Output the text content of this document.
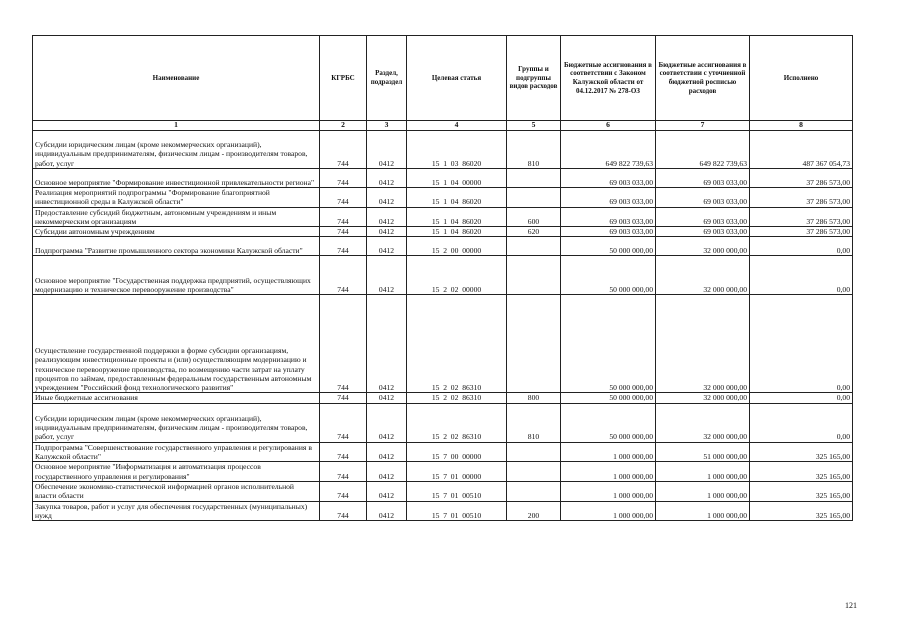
Наименование	КГРБС	Раздел, подраздел	Целевая статья	Группы и подгруппы видов расходов	Бюджетные ассигнования в соответствии с Законом Калужской области от 04.12.2017 № 278-ОЗ	Бюджетные ассигнования в соответствии с уточненной бюджетной росписью расходов	Исполнено
1	2	3	4	5	6	7	8
Субсидии юридическим лицам (кроме некоммерческих организаций), индивидуальным предпринимателям, физическим лицам - производителям товаров, работ, услуг	744	0412	15  1  03  86020	810	649 822 739,63	649 822 739,63	487 367 054,73
Основное мероприятие "Формирование инвестиционной привлекательности региона"	744	0412	15  1  04  00000		69 003 033,00	69 003 033,00	37 286 573,00
Реализация мероприятий подпрограммы "Формирование благоприятной инвестиционной среды в Калужской области"	744	0412	15  1  04  86020		69 003 033,00	69 003 033,00	37 286 573,00
Предоставление субсидий бюджетным, автономным учреждениям и иным некоммерческим организациям	744	0412	15  1  04  86020	600	69 003 033,00	69 003 033,00	37 286 573,00
Субсидии автономным учреждениям	744	0412	15  1  04  86020	620	69 003 033,00	69 003 033,00	37 286 573,00
Подпрограмма "Развитие промышленного сектора экономики Калужской области"	744	0412	15  2  00  00000		50 000 000,00	32 000 000,00	0,00
Основное мероприятие "Государственная поддержка предприятий, осуществляющих модернизацию и техническое перевооружение производства"	744	0412	15  2  02  00000		50 000 000,00	32 000 000,00	0,00
Осуществление государственной поддержки в форме субсидии организациям, реализующим инвестиционные проекты и (или) осуществляющим модернизацию и техническое перевооружение производства, по возмещению части затрат на уплату процентов по займам, предоставленным федеральным государственным автономным учреждением "Российский фонд технологического развития"	744	0412	15  2  02  86310		50 000 000,00	32 000 000,00	0,00
Иные бюджетные ассигнования	744	0412	15  2  02  86310	800	50 000 000,00	32 000 000,00	0,00
Субсидии юридическим лицам (кроме некоммерческих организаций), индивидуальным предпринимателям, физическим лицам - производителям товаров, работ, услуг	744	0412	15  2  02  86310	810	50 000 000,00	32 000 000,00	0,00
Подпрограмма "Совершенствование государственного управления и регулирования в Калужской области"	744	0412	15  7  00  00000		1 000 000,00	51 000 000,00	325 165,00
Основное мероприятие "Информатизация и автоматизация процессов государственного управления и регулирования"	744	0412	15  7  01  00000		1 000 000,00	1 000 000,00	325 165,00
Обеспечение экономико-статистической информацией органов исполнительной власти области	744	0412	15  7  01  00510		1 000 000,00	1 000 000,00	325 165,00
Закупка товаров, работ и услуг для обеспечения государственных (муниципальных) нужд	744	0412	15  7  01  00510	200	1 000 000,00	1 000 000,00	325 165,00
121
